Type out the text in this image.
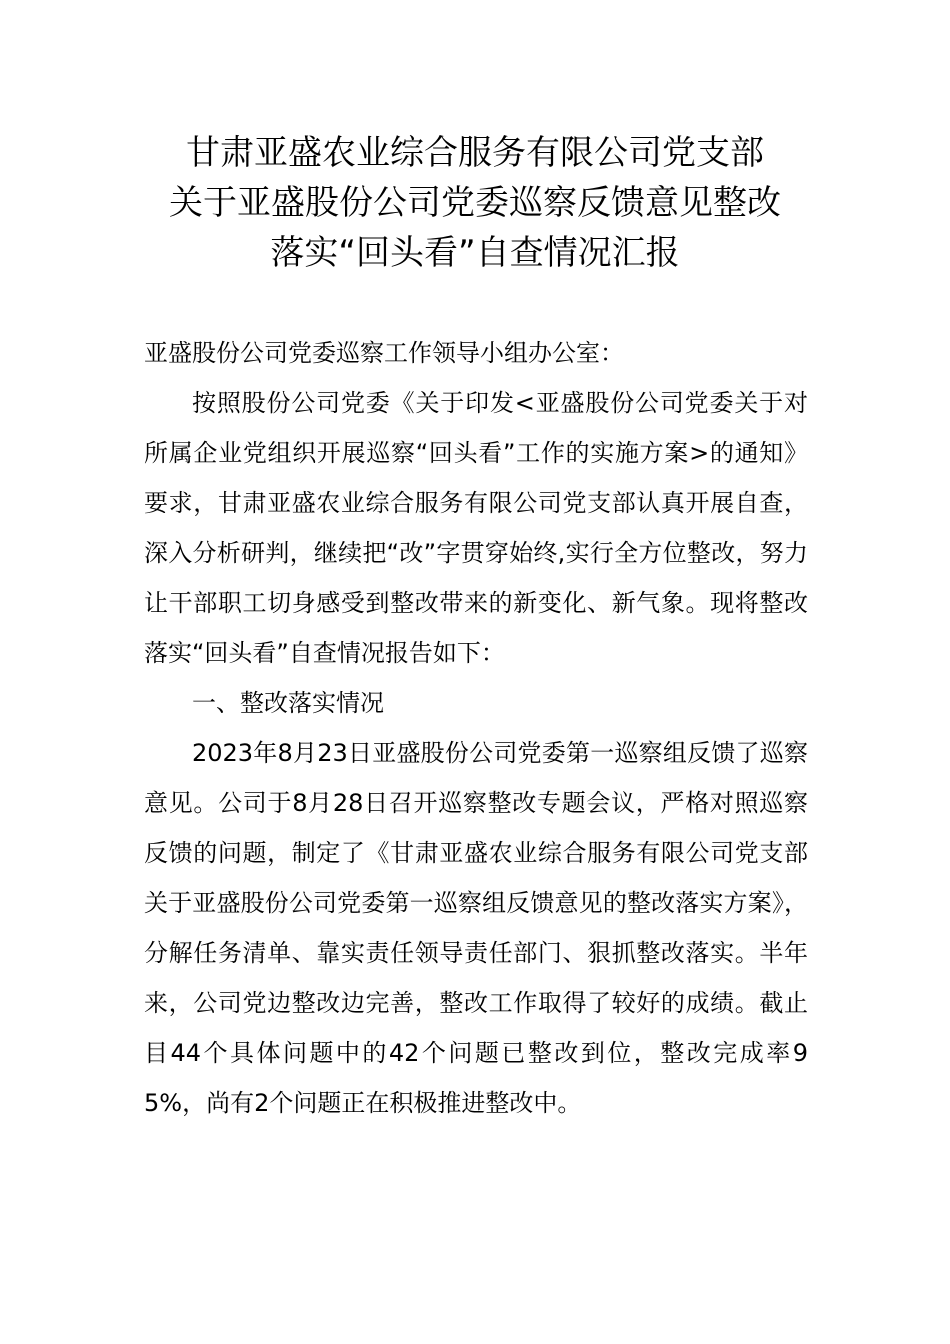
甘肃亚盛农业综合服务有限公司党支部
关于亚盛股份公司党委巡察反馈意见整改
落实“回头看”自查情况汇报

亚盛股份公司党委巡察工作领导小组办公室：

按照股份公司党委《关于印发<亚盛股份公司党委关于对所属企业党组织开展巡察“回头看”工作的实施方案>的通知》要求，甘肃亚盛农业综合服务有限公司党支部认真开展自查，深入分析研判，继续把“改”字贯穿始终,实行全方位整改，努力让干部职工切身感受到整改带来的新变化、新气象。现将整改落实“回头看”自查情况报告如下：

一、整改落实情况

2023年8月23日亚盛股份公司党委第一巡察组反馈了巡察意见。公司于8月28日召开巡察整改专题会议，严格对照巡察反馈的问题，制定了《甘肃亚盛农业综合服务有限公司党支部关于亚盛股份公司党委第一巡察组反馈意见的整改落实方案》，分解任务清单、靠实责任领导责任部门、狠抓整改落实。半年来，公司党边整改边完善，整改工作取得了较好的成绩。截止目44个具体问题中的42个问题已整改到位，整改完成率95%，尚有2个问题正在积极推进整改中。
